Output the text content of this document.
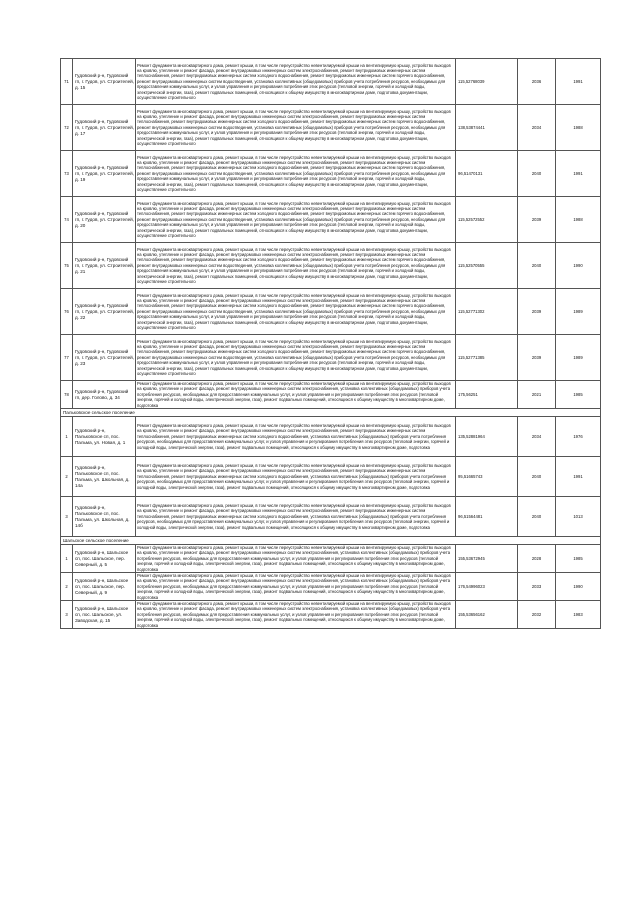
71	Гудовский р-н, Гудовский гп, г. Гудов, ул. Строителей, д. 15	Ремонт фундамента многоквартирного дома, ремонт крыши, в том числе переустройство невентилируемой крыши на вентилируемую крышу, устройство выходов на кровлю, утепление и ремонт фасада, ремонт внутридомовых инженерных систем электроснабжения, ремонт внутридомовых инженерных систем теплоснабжения, ремонт внутридомовых инженерных систем холодного водоснабжения, ремонт внутридомовых инженерных систем горячего водоснабжения, ремонт внутридомовых инженерных систем водоотведения, установка коллективных (общедомовых) приборов учета потребления ресурсов, необходимых для предоставления коммунальных услуг, и узлов управления и регулирования потребления этих ресурсов (тепловой энергии, горячей и холодной воды, электрической энергии, газа), ремонт подвальных помещений, относящихся к общему имуществу в многоквартирном доме, подготовка документации, осуществление строительного	115,52768039	2036	1991
72	Гудовский р-н, Гудовский гп, г. Гудов, ул. Строителей, д. 17	Ремонт фундамента многоквартирного дома, ремонт крыши, в том числе переустройство невентилируемой крыши на вентилируемую крышу, устройство выходов на кровлю, утепление и ремонт фасада, ремонт внутридомовых инженерных систем электроснабжения, ремонт внутридомовых инженерных систем теплоснабжения, ремонт внутридомовых инженерных систем холодного водоснабжения, ремонт внутридомовых инженерных систем горячего водоснабжения, ремонт внутридомовых инженерных систем водоотведения, установка коллективных (общедомовых) приборов учета потребления ресурсов, необходимых для предоставления коммунальных услуг, и узлов управления и регулирования потребления этих ресурсов (тепловой энергии, горячей и холодной воды, электрической энергии, газа), ремонт подвальных помещений, относящихся к общему имуществу в многоквартирном доме, подготовка документации, осуществление строительного	138,53874441	2034	1988
73	Гудовский р-н, Гудовский гп, г. Гудов, ул. Строителей, д. 19	Ремонт фундамента многоквартирного дома, ремонт крыши, в том числе переустройство невентилируемой крыши на вентилируемую крышу, устройство выходов на кровлю, утепление и ремонт фасада, ремонт внутридомовых инженерных систем электроснабжения, ремонт внутридомовых инженерных систем теплоснабжения, ремонт внутридомовых инженерных систем холодного водоснабжения, ремонт внутридомовых инженерных систем горячего водоснабжения, ремонт внутридомовых инженерных систем водоотведения, установка коллективных (общедомовых) приборов учета потребления ресурсов, необходимых для предоставления коммунальных услуг, и узлов управления и регулирования потребления этих ресурсов (тепловой энергии, горячей и холодной воды, электрической энергии, газа), ремонт подвальных помещений, относящихся к общему имуществу в многоквартирном доме, подготовка документации, осуществление строительного	96,51470131	2040	1991
74	Гудовский р-н, Гудовский гп, г. Гудов, ул. Строителей, д. 20	Ремонт фундамента многоквартирного дома, ремонт крыши, в том числе переустройство невентилируемой крыши на вентилируемую крышу, устройство выходов на кровлю, утепление и ремонт фасада, ремонт внутридомовых инженерных систем электроснабжения, ремонт внутридомовых инженерных систем теплоснабжения, ремонт внутридомовых инженерных систем холодного водоснабжения, ремонт внутридомовых инженерных систем горячего водоснабжения, ремонт внутридомовых инженерных систем водоотведения, установка коллективных (общедомовых) приборов учета потребления ресурсов, необходимых для предоставления коммунальных услуг, и узлов управления и регулирования потребления этих ресурсов (тепловой энергии, горячей и холодной воды, электрической энергии, газа), ремонт подвальных помещений, относящихся к общему имуществу в многоквартирном доме, подготовка документации, осуществление строительного	115,52572552	2039	1988
75	Гудовский р-н, Гудовский гп, г. Гудов, ул. Строителей, д. 21	Ремонт фундамента многоквартирного дома, ремонт крыши, в том числе переустройство невентилируемой крыши на вентилируемую крышу, устройство выходов на кровлю, утепление и ремонт фасада, ремонт внутридомовых инженерных систем электроснабжения, ремонт внутридомовых инженерных систем теплоснабжения, ремонт внутридомовых инженерных систем холодного водоснабжения, ремонт внутридомовых инженерных систем горячего водоснабжения, ремонт внутридомовых инженерных систем водоотведения, установка коллективных (общедомовых) приборов учета потребления ресурсов, необходимых для предоставления коммунальных услуг, и узлов управления и регулирования потребления этих ресурсов (тепловой энергии, горячей и холодной воды, электрической энергии, газа), ремонт подвальных помещений, относящихся к общему имуществу в многоквартирном доме, подготовка документации, осуществление строительного	115,52570555	2040	1990
76	Гудовский р-н, Гудовский гп, г. Гудов, ул. Строителей, д. 22	Ремонт фундамента многоквартирного дома, ремонт крыши, в том числе переустройство невентилируемой крыши на вентилируемую крышу, устройство выходов на кровлю, утепление и ремонт фасада, ремонт внутридомовых инженерных систем электроснабжения, ремонт внутридомовых инженерных систем теплоснабжения, ремонт внутридомовых инженерных систем холодного водоснабжения, ремонт внутридомовых инженерных систем горячего водоснабжения, ремонт внутридомовых инженерных систем водоотведения, установка коллективных (общедомовых) приборов учета потребления ресурсов, необходимых для предоставления коммунальных услуг, и узлов управления и регулирования потребления этих ресурсов (тепловой энергии, горячей и холодной воды, электрической энергии, газа), ремонт подвальных помещений, относящихся к общему имуществу в многоквартирном доме, подготовка документации, осуществление строительного	115,52771302	2039	1989
77	Гудовский р-н, Гудовский гп, г. Гудов, ул. Строителей, д. 23	Ремонт фундамента многоквартирного дома, ремонт крыши, в том числе переустройство невентилируемой крыши на вентилируемую крышу, устройство выходов на кровлю, утепление и ремонт фасада, ремонт внутридомовых инженерных систем электроснабжения, ремонт внутридомовых инженерных систем теплоснабжения, ремонт внутридомовых инженерных систем холодного водоснабжения, ремонт внутридомовых инженерных систем горячего водоснабжения, ремонт внутридомовых инженерных систем водоотведения, установка коллективных (общедомовых) приборов учета потребления ресурсов, необходимых для предоставления коммунальных услуг, и узлов управления и регулирования потребления этих ресурсов (тепловой энергии, горячей и холодной воды, электрической энергии, газа), ремонт подвальных помещений, относящихся к общему имуществу в многоквартирном доме, подготовка документации, осуществление строительного	115,52771385	2039	1989
78	Гудовский р-н, Гудовский гп, дер. Голово, д. 34	Ремонт фундамента многоквартирного дома, ремонт крыши, в том числе переустройство невентилируемой крыши на вентилируемую крышу, устройство выходов на кровлю, утепление и ремонт фасада, ремонт внутридомовых инженерных систем электроснабжения, установка коллективных (общедомовых) приборов учета потребления ресурсов, необходимых для предоставления коммунальных услуг, и узлов управления и регулирования потребления этих ресурсов (тепловой энергии, горячей и холодной воды, электрической энергии, газа), ремонт подвальных помещений, относящихся к общему имуществу в многоквартирном доме, подготовка	175,56251	2021	1985
Пальковское сельское поселение					
1	Гудовский р-н, Пальковское сп, пос. Пальма, ул. Новая, д. 1	Ремонт фундамента многоквартирного дома, ремонт крыши, в том числе переустройство невентилируемой крыши на вентилируемую крышу, устройство выходов на кровлю, утепление и ремонт фасада, ремонт внутридомовых инженерных систем электроснабжения, ремонт внутридомовых инженерных систем теплоснабжения, ремонт внутридомовых инженерных систем холодного водоснабжения, установка коллективных (общедомовых) приборов учета потребления ресурсов, необходимых для предоставления коммунальных услуг, и узлов управления и регулирования потребления этих ресурсов (тепловой энергии, горячей и холодной воды, электрической энергии, газа), ремонт подвальных помещений, относящихся к общему имуществу в многоквартирном доме, подготовка	135,52881964	2034	1976
2	Гудовский р-н, Пальковское сп, пос. Пальма, ул. Школьная, д. 14а	Ремонт фундамента многоквартирного дома, ремонт крыши, в том числе переустройство невентилируемой крыши на вентилируемую крышу, устройство выходов на кровлю, утепление и ремонт фасада, ремонт внутридомовых инженерных систем электроснабжения, ремонт внутридомовых инженерных систем теплоснабжения, ремонт внутридомовых инженерных систем холодного водоснабжения, установка коллективных (общедомовых) приборов учета потребления ресурсов, необходимых для предоставления коммунальных услуг, и узлов управления и регулирования потребления этих ресурсов (тепловой энергии, горячей и холодной воды, электрической энергии, газа), ремонт подвальных помещений, относящихся к общему имуществу в многоквартирном доме, подготовка	95,51665743	2040	1991
3	Гудовский р-н, Пальковское сп, пос. Пальма, ул. Школьная, д. 14б	Ремонт фундамента многоквартирного дома, ремонт крыши, в том числе переустройство невентилируемой крыши на вентилируемую крышу, устройство выходов на кровлю, утепление и ремонт фасада, ремонт внутридомовых инженерных систем электроснабжения, ремонт внутридомовых инженерных систем теплоснабжения, ремонт внутридомовых инженерных систем холодного водоснабжения, установка коллективных (общедомовых) приборов учета потребления ресурсов, необходимых для предоставления коммунальных услуг, и узлов управления и регулирования потребления этих ресурсов (тепловой энергии, горячей и холодной воды, электрической энергии, газа), ремонт подвальных помещений, относящихся к общему имуществу в многоквартирном доме, подготовка	96,51564481	2040	1013
Шальское сельское поселение					
1	Гудовский р-н, Шальское сп, пос. Шальское, пер. Северный, д. 5	Ремонт фундамента многоквартирного дома, ремонт крыши, в том числе переустройство невентилируемой крыши на вентилируемую крышу, устройство выходов на кровлю, утепление и ремонт фасада, ремонт внутридомовых инженерных систем электроснабжения, установка коллективных (общедомовых) приборов учета потребления ресурсов, необходимых для предоставления коммунальных услуг, и узлов управления и регулирования потребления этих ресурсов (тепловой энергии, горячей и холодной воды, электрической энергии, газа), ремонт подвальных помещений, относящихся к общему имуществу в многоквартирном доме, подготовка	155,53672945	2028	1985
2	Гудовский р-н, Шальское сп, пос. Шальское, пер. Северный, д. 9	Ремонт фундамента многоквартирного дома, ремонт крыши, в том числе переустройство невентилируемой крыши на вентилируемую крышу, устройство выходов на кровлю, утепление и ремонт фасада, ремонт внутридомовых инженерных систем электроснабжения, установка коллективных (общедомовых) приборов учета потребления ресурсов, необходимых для предоставления коммунальных услуг, и узлов управления и регулирования потребления этих ресурсов (тепловой энергии, горячей и холодной воды, электрической энергии, газа), ремонт подвальных помещений, относящихся к общему имуществу в многоквартирном доме, подготовка	176,54996023	2033	1990
3	Гудовский р-н, Шальское сп, пос. Шальское, ул. Заводская, д. 15	Ремонт фундамента многоквартирного дома, ремонт крыши, в том числе переустройство невентилируемой крыши на вентилируемую крышу, устройство выходов на кровлю, утепление и ремонт фасада, ремонт внутридомовых инженерных систем электроснабжения, установка коллективных (общедомовых) приборов учета потребления ресурсов, необходимых для предоставления коммунальных услуг, и узлов управления и регулирования потребления этих ресурсов (тепловой энергии, горячей и холодной воды, электрической энергии, газа), ремонт подвальных помещений, относящихся к общему имуществу в многоквартирном доме, подготовка	155,53656162	2032	1983
